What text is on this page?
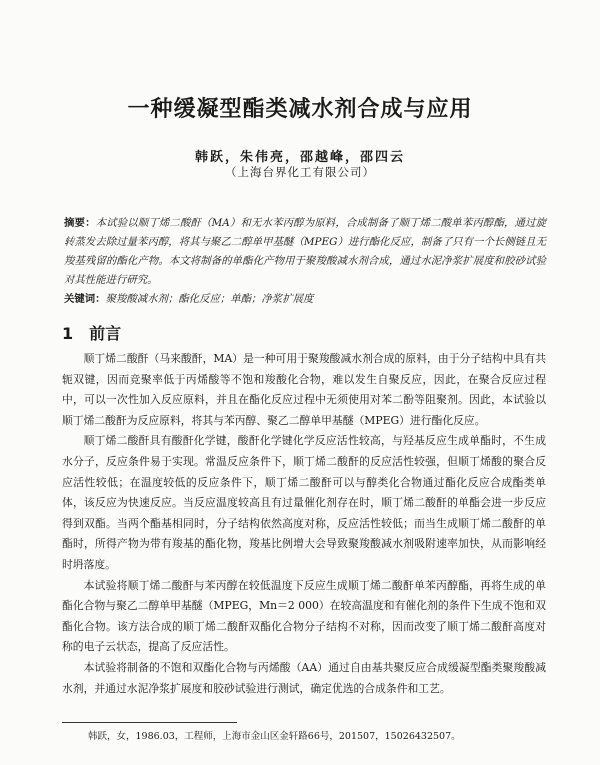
一种缓凝型酯类减水剂合成与应用
韩跃，朱伟亮，邵越峰，邵四云
（上海台界化工有限公司）
摘要：本试验以顺丁烯二酸酐（MA）和无水苯丙醇为原料，合成制备了顺丁烯二酸单苯丙醇酯，通过旋转蒸发去除过量苯丙醇，将其与聚乙二醇单甲基醚（MPEG）进行酯化反应，制备了只有一个长侧链且无羧基残留的酯化产物。本文将制备的单酯化产物用于聚羧酸减水剂合成，通过水泥净浆扩展度和胶砂试验对其性能进行研究。
关键词：聚羧酸减水剂；酯化反应；单酯；净浆扩展度
1 前言

顺丁烯二酸酐（马来酸酐，MA）是一种可用于聚羧酸减水剂合成的原料，由于分子结构中具有共轭双键，因而竞聚率低于丙烯酸等不饱和羧酸化合物，难以发生自聚反应，因此，在聚合反应过程中，可以一次性加入反应原料，并且在酯化反应过程中无须使用对苯二酚等阻聚剂。因此，本试验以顺丁烯二酸酐为反应原料，将其与苯丙醇、聚乙二醇单甲基醚（MPEG）进行酯化反应。

顺丁烯二酸酐具有酸酐化学键，酸酐化学键化学反应活性较高，与羟基反应生成单酯时，不生成水分子，反应条件易于实现。常温反应条件下，顺丁烯二酸酐的反应活性较强，但顺丁烯酸的聚合反应活性较低；在温度较低的反应条件下，顺丁烯二酸酐可以与醇类化合物通过酯化反应合成酯类单体，该反应为快速反应。当反应温度较高且有过量催化剂存在时，顺丁烯二酸酐的单酯会进一步反应得到双酯。当两个酯基相同时，分子结构依然高度对称，反应活性较低；而当生成顺丁烯二酸酐的单酯时，所得产物为带有羧基的酯化物，羧基比例增大会导致聚羧酸减水剂吸附速率加快，从而影响经时坍落度。

本试验将顺丁烯二酸酐与苯丙醇在较低温度下反应生成顺丁烯二酸酐单苯丙醇酯，再将生成的单酯化合物与聚乙二醇单甲基醚（MPEG，Mn＝2 000）在较高温度和有催化剂的条件下生成不饱和双酯化合物。该方法合成的顺丁烯二酸酐双酯化合物分子结构不对称，因而改变了顺丁烯二酸酐高度对称的电子云状态，提高了反应活性。

本试验将制备的不饱和双酯化合物与丙烯酸（AA）通过自由基共聚反应合成缓凝型酯类聚羧酸减水剂，并通过水泥净浆扩展度和胶砂试验进行测试，确定优选的合成条件和工艺。

韩跃，女，1986.03，工程师，上海市金山区金轩路66号，201507，15026432507。
